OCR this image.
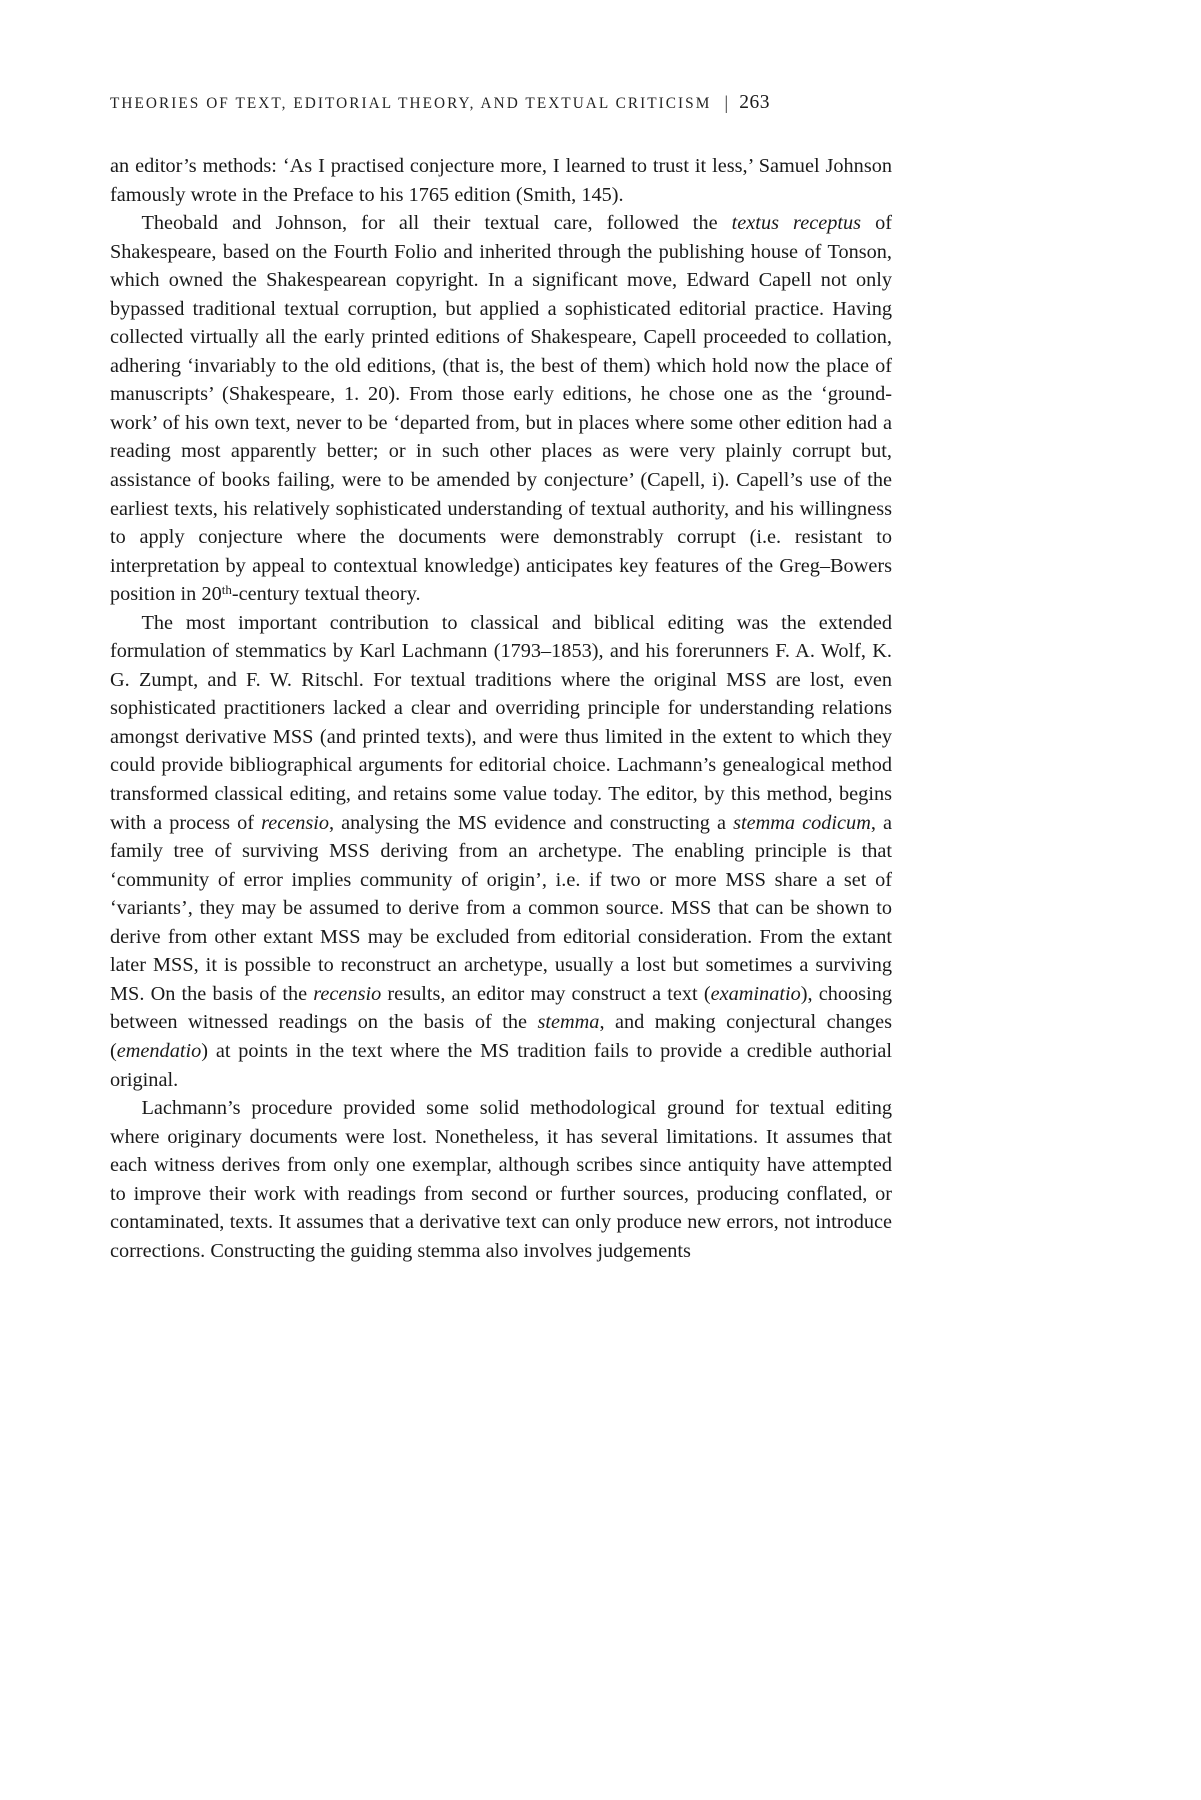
THEORIES OF TEXT, EDITORIAL THEORY, AND TEXTUAL CRITICISM | 263

an editor’s methods: ‘As I practised conjecture more, I learned to trust it less,’ Samuel Johnson famously wrote in the Preface to his 1765 edition (Smith, 145).

Theobald and Johnson, for all their textual care, followed the textus receptus of Shakespeare, based on the Fourth Folio and inherited through the publishing house of Tonson, which owned the Shakespearean copyright. In a significant move, Edward Capell not only bypassed traditional textual corruption, but applied a sophisticated editorial practice. Having collected virtually all the early printed editions of Shakespeare, Capell proceeded to collation, adhering ‘invariably to the old editions, (that is, the best of them) which hold now the place of manuscripts’ (Shakespeare, 1. 20). From those early editions, he chose one as the ‘ground-work’ of his own text, never to be ‘departed from, but in places where some other edition had a reading most apparently better; or in such other places as were very plainly corrupt but, assistance of books failing, were to be amended by conjecture’ (Capell, i). Capell’s use of the earliest texts, his relatively sophisticated understanding of textual authority, and his willingness to apply conjecture where the documents were demonstrably corrupt (i.e. resistant to interpretation by appeal to contextual knowledge) anticipates key features of the Greg–Bowers position in 20th-century textual theory.

The most important contribution to classical and biblical editing was the extended formulation of stemmatics by Karl Lachmann (1793–1853), and his forerunners F. A. Wolf, K. G. Zumpt, and F. W. Ritschl. For textual traditions where the original MSS are lost, even sophisticated practitioners lacked a clear and overriding principle for understanding relations amongst derivative MSS (and printed texts), and were thus limited in the extent to which they could provide bibliographical arguments for editorial choice. Lachmann’s genealogical method transformed classical editing, and retains some value today. The editor, by this method, begins with a process of recensio, analysing the MS evidence and constructing a stemma codicum, a family tree of surviving MSS deriving from an archetype. The enabling principle is that ‘community of error implies community of origin’, i.e. if two or more MSS share a set of ‘variants’, they may be assumed to derive from a common source. MSS that can be shown to derive from other extant MSS may be excluded from editorial consideration. From the extant later MSS, it is possible to reconstruct an archetype, usually a lost but sometimes a surviving MS. On the basis of the recensio results, an editor may construct a text (examinatio), choosing between witnessed readings on the basis of the stemma, and making conjectural changes (emendatio) at points in the text where the MS tradition fails to provide a credible authorial original.

Lachmann’s procedure provided some solid methodological ground for textual editing where originary documents were lost. Nonetheless, it has several limitations. It assumes that each witness derives from only one exemplar, although scribes since antiquity have attempted to improve their work with readings from second or further sources, producing conflated, or contaminated, texts. It assumes that a derivative text can only produce new errors, not introduce corrections. Constructing the guiding stemma also involves judgements
